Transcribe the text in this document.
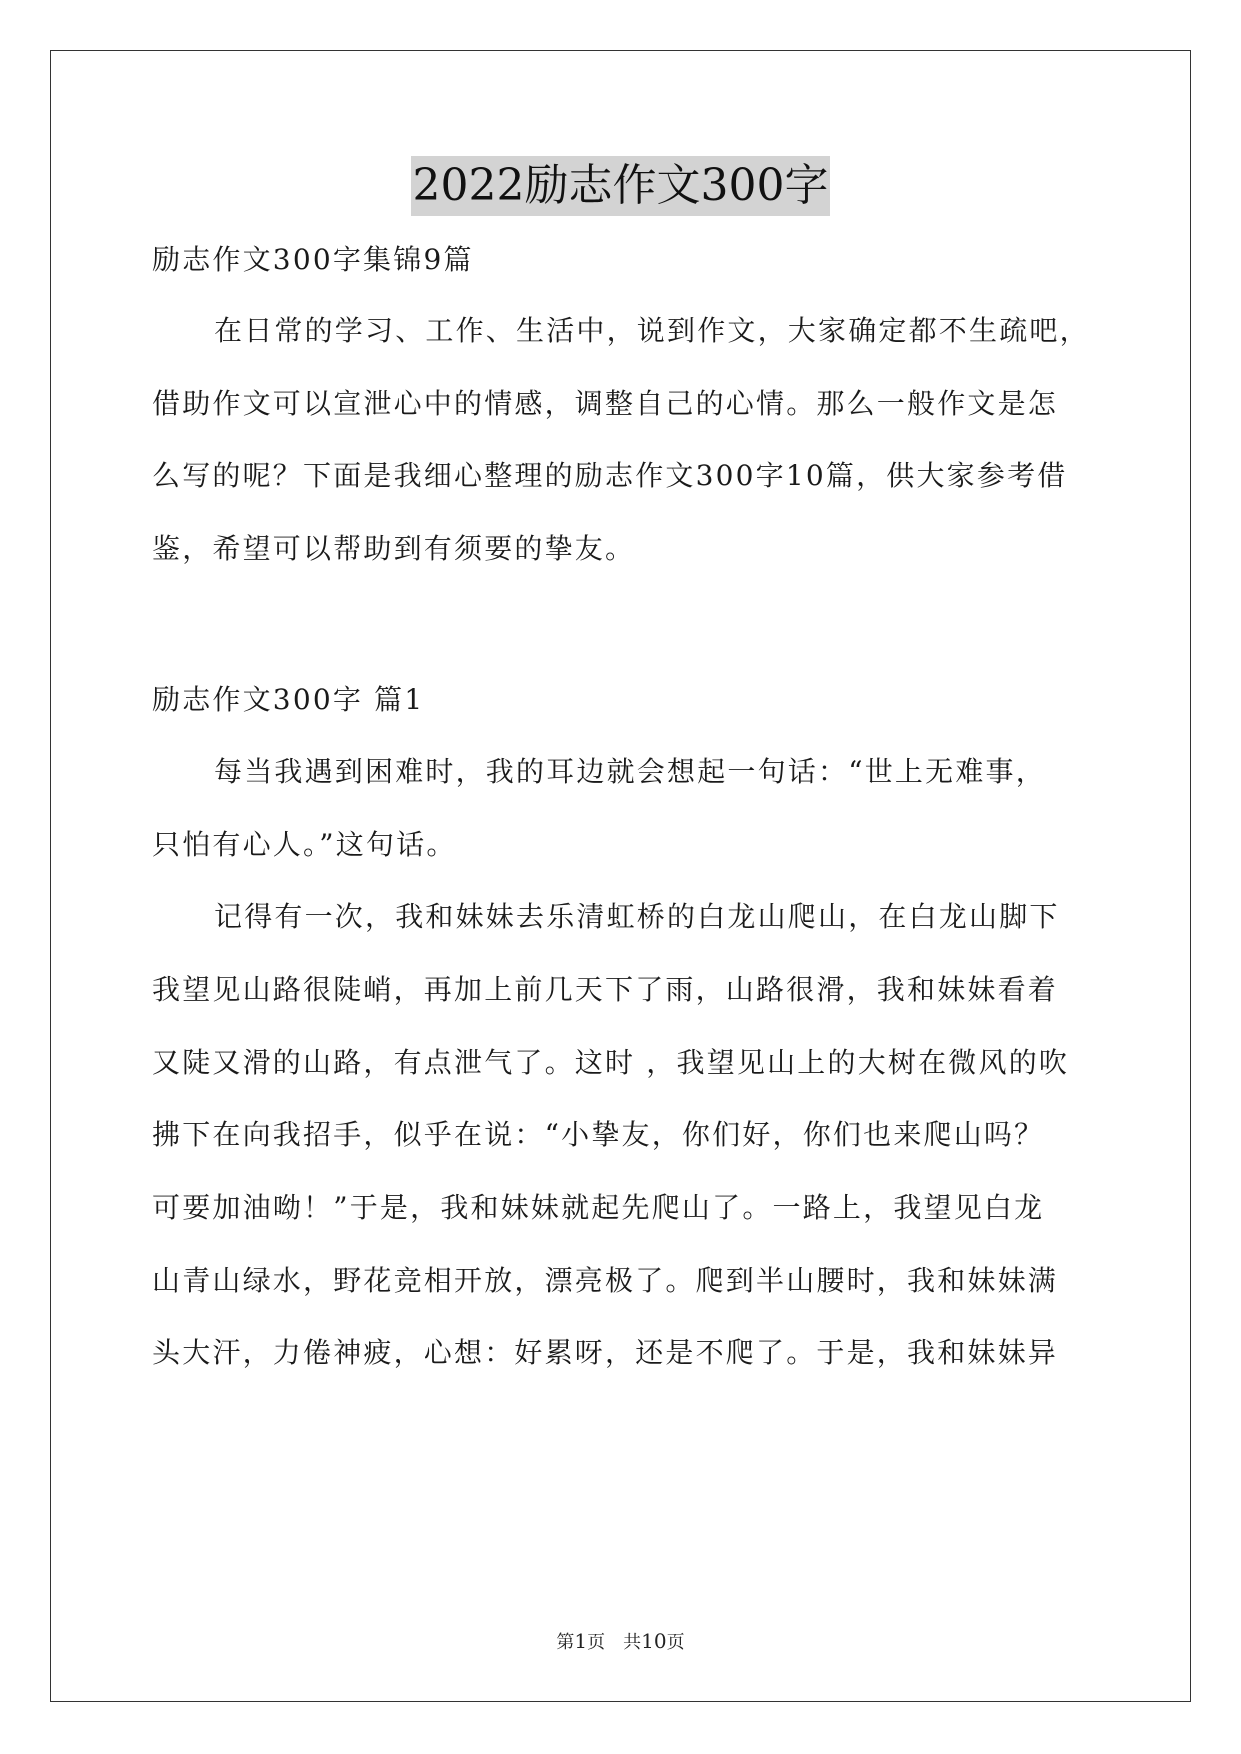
2022励志作文300字
励志作文300字集锦9篇
在日常的学习、工作、生活中，说到作文，大家确定都不生疏吧，
借助作文可以宣泄心中的情感，调整自己的心情。那么一般作文是怎
么写的呢？下面是我细心整理的励志作文300字10篇，供大家参考借
鉴，希望可以帮助到有须要的挚友。
励志作文300字 篇1
每当我遇到困难时，我的耳边就会想起一句话：“世上无难事，
只怕有心人。”这句话。
记得有一次，我和妹妹去乐清虹桥的白龙山爬山，在白龙山脚下
我望见山路很陡峭，再加上前几天下了雨，山路很滑，我和妹妹看着
又陡又滑的山路，有点泄气了。这时 ，我望见山上的大树在微风的吹
拂下在向我招手，似乎在说：“小挚友，你们好，你们也来爬山吗？
可要加油呦！”于是，我和妹妹就起先爬山了。一路上，我望见白龙
山青山绿水，野花竞相开放，漂亮极了。爬到半山腰时，我和妹妹满
头大汗，力倦神疲，心想：好累呀，还是不爬了。于是，我和妹妹异
第1页　共10页
